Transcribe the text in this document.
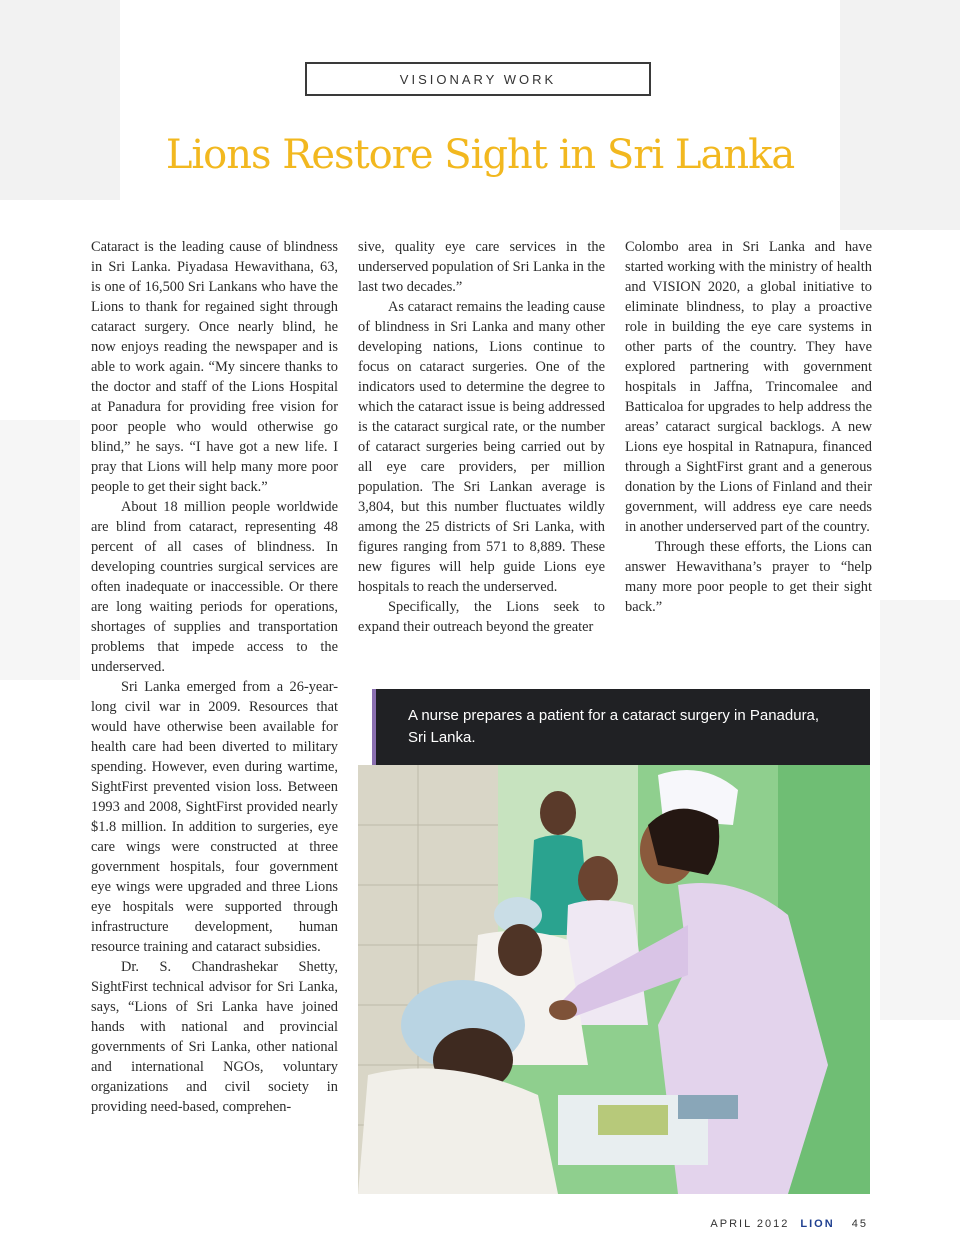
VISIONARY WORK
Lions Restore Sight in Sri Lanka

Cataract is the leading cause of blindness in Sri Lanka. Piyadasa Hewavithana, 63, is one of 16,500 Sri Lankans who have the Lions to thank for regained sight through cataract surgery. Once nearly blind, he now enjoys reading the newspaper and is able to work again. “My sincere thanks to the doctor and staff of the Lions Hospital at Panadura for providing free vision for poor people who would otherwise go blind,” he says. “I have got a new life. I pray that Lions will help many more poor people to get their sight back.”

About 18 million people worldwide are blind from cataract, representing 48 percent of all cases of blindness. In developing countries surgical services are often inadequate or inaccessible. Or there are long waiting periods for operations, shortages of supplies and transportation problems that impede access to the underserved.

Sri Lanka emerged from a 26-year-long civil war in 2009. Resources that would have otherwise been available for health care had been diverted to military spending. However, even during wartime, SightFirst prevented vision loss. Between 1993 and 2008, SightFirst provided nearly $1.8 million. In addition to surgeries, eye care wings were constructed at three government hospitals, four government eye wings were upgraded and three Lions eye hospitals were supported through infrastructure development, human resource training and cataract subsidies.

Dr. S. Chandrashekar Shetty, SightFirst technical advisor for Sri Lanka, says, “Lions of Sri Lanka have joined hands with national and provincial governments of Sri Lanka, other national and international NGOs, voluntary organizations and civil society in providing need-based, comprehen-

sive, quality eye care services in the underserved population of Sri Lanka in the last two decades.”

As cataract remains the leading cause of blindness in Sri Lanka and many other developing nations, Lions continue to focus on cataract surgeries. One of the indicators used to determine the degree to which the cataract issue is being addressed is the cataract surgical rate, or the number of cataract surgeries being carried out by all eye care providers, per million population. The Sri Lankan average is 3,804, but this number fluctuates wildly among the 25 districts of Sri Lanka, with figures ranging from 571 to 8,889. These new figures will help guide Lions eye hospitals to reach the underserved.

Specifically, the Lions seek to expand their outreach beyond the greater

Colombo area in Sri Lanka and have started working with the ministry of health and VISION 2020, a global initiative to eliminate blindness, to play a proactive role in building the eye care systems in other parts of the country. They have explored partnering with government hospitals in Jaffna, Trincomalee and Batticaloa for upgrades to help address the areas’ cataract surgical backlogs. A new Lions eye hospital in Ratnapura, financed through a SightFirst grant and a generous donation by the Lions of Finland and their government, will address eye care needs in another underserved part of the country.

Through these efforts, the Lions can answer Hewavithana’s prayer to “help many more poor people to get their sight back.”

A nurse prepares a patient for a cataract surgery in Panadura, Sri Lanka.
APRIL 2012 LION 45
